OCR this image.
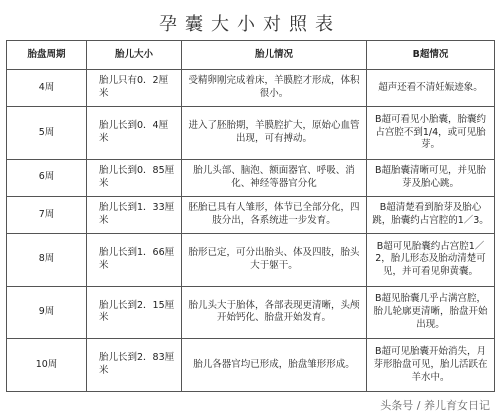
孕囊大小对照表
胎盘周期	胎儿大小	胎儿情况	B超情况
4周	胎儿只有0．2厘米	受精卵刚完成着床，羊膜腔才形成，体积很小。	超声还看不清妊娠迹象。
5周	胎儿长到0．4厘米	进入了胚胎期，羊膜腔扩大，原始心血管出现，可有搏动。	B超可看见小胎囊，胎囊约占宫腔不到1/4，或可见胎芽。
6周	胎儿长到0．85厘米	胎儿头部、脑泡、额面器官、呼吸、消化、神经等器官分化	B超胎囊清晰可见，并见胎芽及胎心跳。
7周	胎儿长到1．33厘米	胚胎已具有人雏形，体节已全部分化，四肢分出，各系统进一步发育。	B超清楚看到胎芽及胎心跳，胎囊约占宫腔的1／3。
8周	胎儿长到1．66厘米	胎形已定，可分出胎头、体及四肢，胎头大于躯干。	B超可见胎囊约占宫腔1／2，胎儿形态及胎动清楚可见，并可看见卵黄囊。
9周	胎儿长到2．15厘米	胎儿头大于胎体，各部表现更清晰，头颅开始钙化、胎盘开始发育。	B超见胎囊几乎占满宫腔，胎儿轮廓更清晰，胎盘开始出现。
10周	胎儿长到2．83厘米	胎儿各器官均已形成，胎盘雏形形成。	B超可见胎囊开始消失，月芽形胎盘可见，胎儿活跃在羊水中。
头条号 / 养儿育女日记
